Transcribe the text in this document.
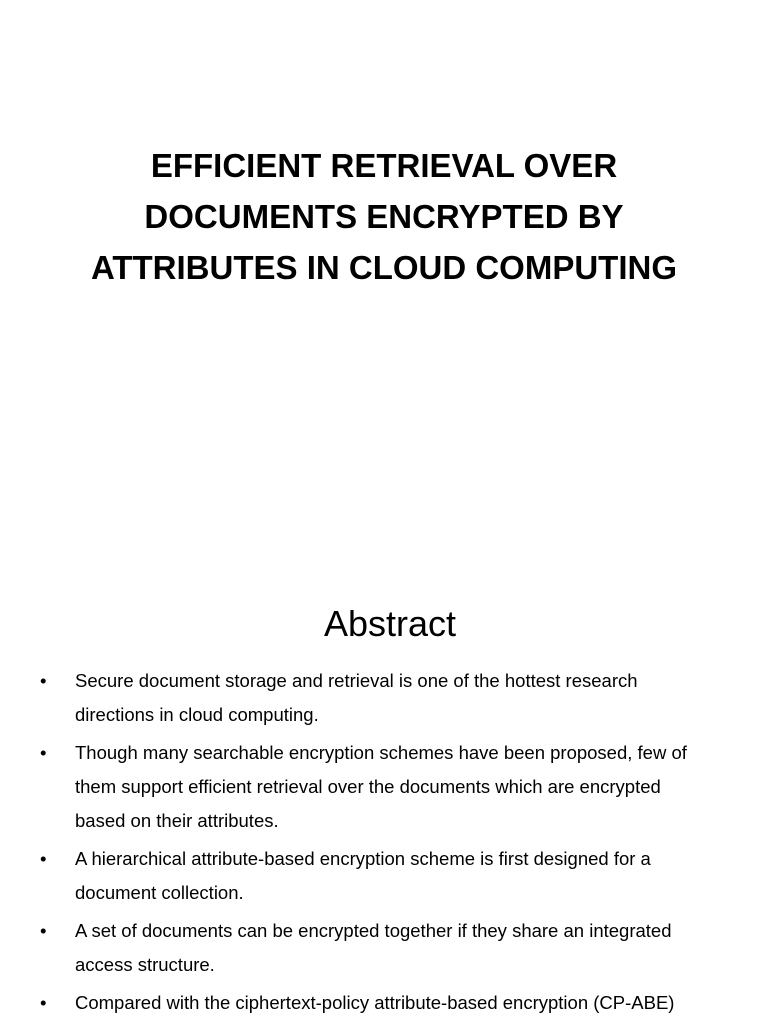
EFFICIENT RETRIEVAL OVER
DOCUMENTS ENCRYPTED BY
ATTRIBUTES IN CLOUD COMPUTING
Abstract
•	Secure document storage and retrieval is one of the hottest research
directions in cloud computing.
•	Though many searchable encryption schemes have been proposed, few of
them support efficient retrieval over the documents which are encrypted
based on their attributes.
•	A hierarchical attribute-based encryption scheme is first designed for a
document collection.
•	A set of documents can be encrypted together if they share an integrated
access structure.
•	Compared with the ciphertext-policy attribute-based encryption (CP-ABE)
